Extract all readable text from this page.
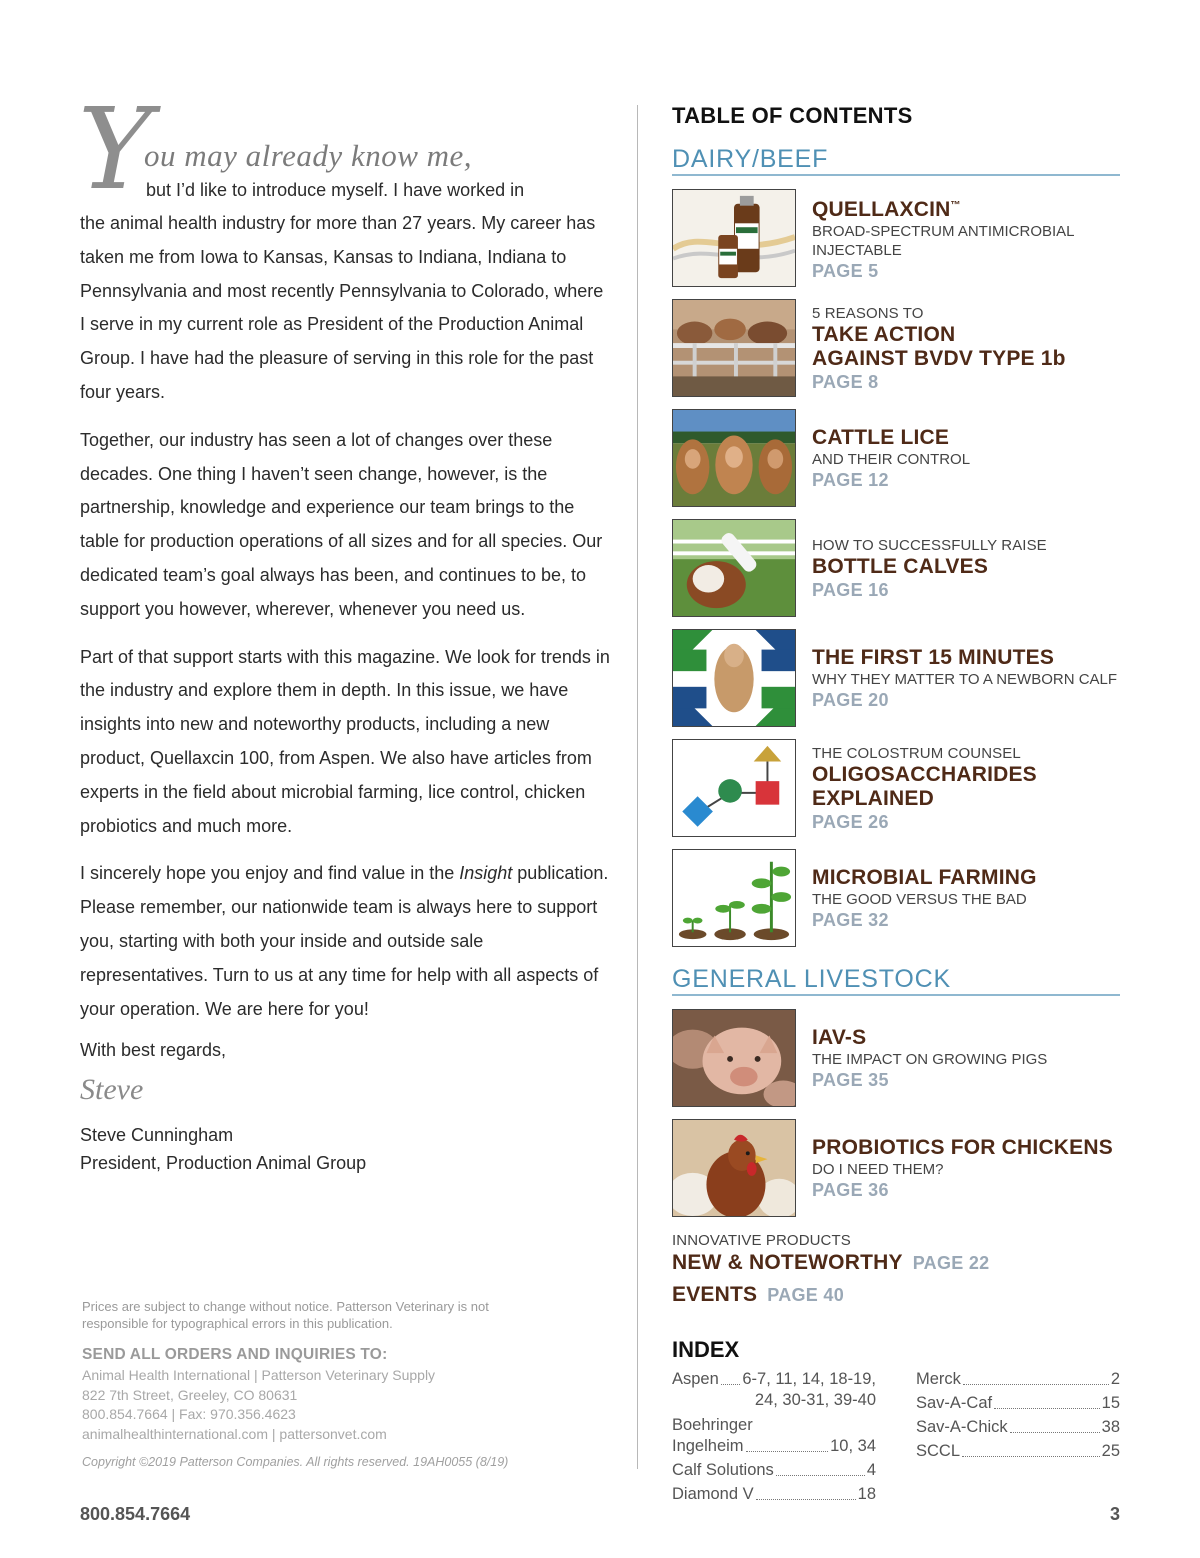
Y
ou may already know me,
but I’d like to introduce myself. I have worked in

the animal health industry for more than 27 years. My career has taken me from Iowa to Kansas, Kansas to Indiana, Indiana to Pennsylvania and most recently Pennsylvania to Colorado, where I serve in my current role as President of the Production Animal Group. I have had the pleasure of serving in this role for the past four years.

Together, our industry has seen a lot of changes over these decades. One thing I haven’t seen change, however, is the partnership, knowledge and experience our team brings to the table for production operations of all sizes and for all species. Our dedicated team’s goal always has been, and continues to be, to support you however, wherever, whenever you need us.

Part of that support starts with this magazine. We look for trends in the industry and explore them in depth. In this issue, we have insights into new and noteworthy products, including a new product, Quellaxcin 100, from Aspen. We also have articles from experts in the field about microbial farming, lice control, chicken probiotics and much more.

I sincerely hope you enjoy and find value in the Insight publication. Please remember, our nationwide team is always here to support you, starting with both your inside and outside sale representatives. Turn to us at any time for help with all aspects of your operation. We are here for you!

With best regards,

Steve
Steve Cunningham
President, Production Animal Group

Prices are subject to change without notice. Patterson Veterinary is not responsible for typographical errors in this publication.

SEND ALL ORDERS AND INQUIRIES TO:
Animal Health International | Patterson Veterinary Supply
822 7th Street, Greeley, CO 80631
800.854.7664 | Fax: 970.356.4623
animalhealthinternational.com | pattersonvet.com

Copyright ©2019 Patterson Companies. All rights reserved. 19AH0055 (8/19)

800.854.7664	3
TABLE OF CONTENTS
DAIRY/BEEF
QUELLAXCIN™
BROAD-SPECTRUM ANTIMICROBIAL INJECTABLE
PAGE 5
5 REASONS TO
TAKE ACTION
AGAINST BVDV TYPE 1b
PAGE 8
CATTLE LICE
AND THEIR CONTROL
PAGE 12
HOW TO SUCCESSFULLY RAISE
BOTTLE CALVES
PAGE 16
THE FIRST 15 MINUTES
WHY THEY MATTER TO A NEWBORN CALF
PAGE 20
THE COLOSTRUM COUNSEL
OLIGOSACCHARIDES
EXPLAINED
PAGE 26
MICROBIAL FARMING
THE GOOD VERSUS THE BAD
PAGE 32
GENERAL LIVESTOCK
IAV-S
THE IMPACT ON GROWING PIGS
PAGE 35
PROBIOTICS FOR CHICKENS
DO I NEED THEM?
PAGE 36
INNOVATIVE PRODUCTS
NEW & NOTEWORTHY PAGE 22
EVENTS PAGE 40
INDEX
Aspen 6-7, 11, 14, 18-19,
24, 30-31, 39-40
Boehringer
Ingelheim	10, 34
Calf Solutions	4
Diamond V	18
Merck	2
Sav-A-Caf	15
Sav-A-Chick	38
SCCL	25
